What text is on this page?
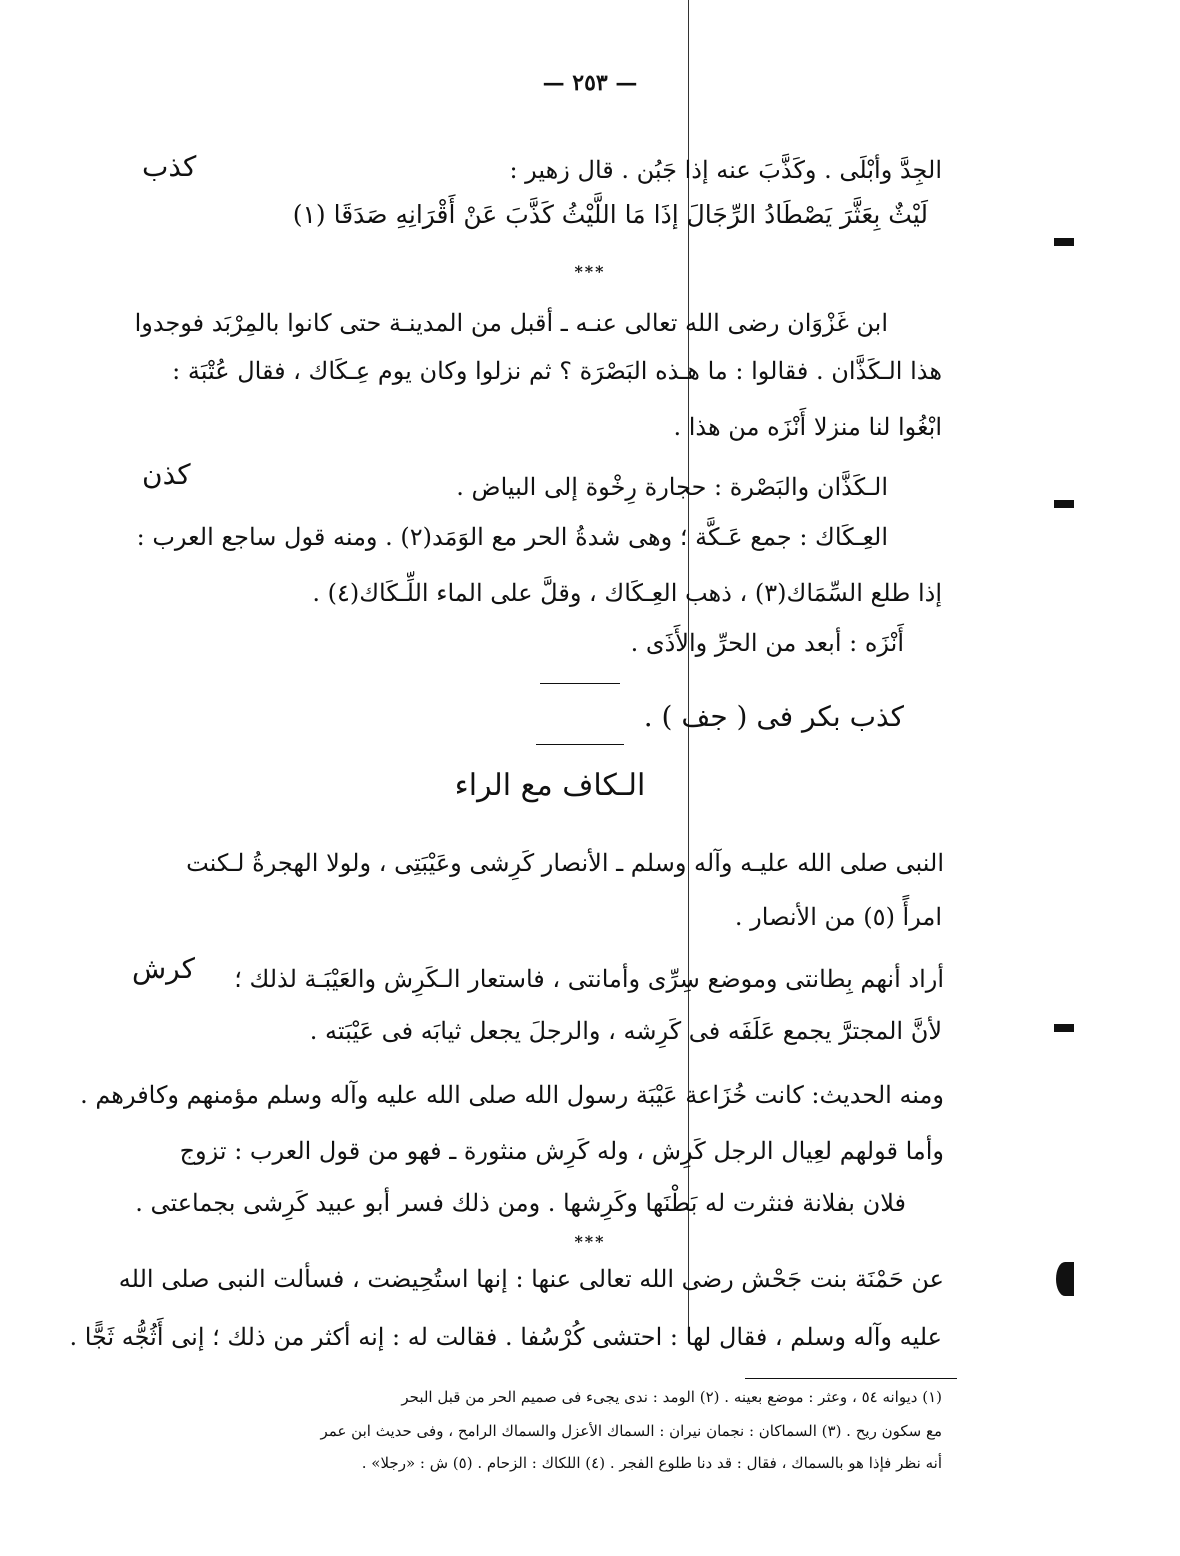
— ٢٥٣ —
كذب
كذن
كرش
الجِدَّ وأبْلَى . وكَذَّبَ عنه إذا جَبُن . قال زهير :
لَيْثٌ بِعَثَّرَ يَصْطَادُ الرِّجَالَ إذَا مَا اللَّيْثُ كَذَّبَ عَنْ أَقْرَانِهِ صَدَقَا (١)
***
ابن غَزْوَان رضى الله تعالى عنـه ـ أقبل من المدينـة حتى كانوا بالمِرْبَد فوجدوا
هذا الـكَذَّان . فقالوا : ما هـذه البَصْرَة ؟ ثم نزلوا وكان يوم عِـكَاك ، فقال عُتْبَة :
ابْغُوا لنا منزلا أَنْزَه من هذا .
الـكَذَّان والبَصْرة : حجارة رِخْوة إلى البياض .
العِـكَاك : جمع عَـكَّة ؛ وهى شدةُ الحر مع الوَمَد(٢) . ومنه قول ساجع العرب :
إذا طلع السِّمَاك(٣) ، ذهب العِـكَاك ، وقلَّ على الماء اللِّـكَاك(٤) .
أَنْزَه : أبعد من الحرِّ والأَذَى .
كذب بكر فى ( جف ) .
الـكاف مع الراء
النبى صلى الله عليـه وآله وسلم ـ الأنصار كَرِشى وعَيْبَتِى ، ولولا الهجرةُ لـكنت
امرأً (٥) من الأنصار .
أراد أنهم بِطانتى وموضع سِرِّى وأمانتى ، فاستعار الـكَرِش والعَيْبَـة لذلك ؛
لأنَّ المجترَّ يجمع عَلَفَه فى كَرِشه ، والرجلَ يجعل ثيابَه فى عَيْبَته .
ومنه الحديث: كانت خُزَاعة عَيْبَة رسول الله صلى الله عليه وآله وسلم مؤمنهم وكافرهم .
وأما قولهم لعِيال الرجل كَرِش ، وله كَرِش منثورة ـ فهو من قول العرب : تزوج
فلان بفلانة فنثرت له بَطْنَها وكَرِشها . ومن ذلك فسر أبو عبيد كَرِشى بجماعتى .
***
عن حَمْنَة بنت جَحْش رضى الله تعالى عنها : إنها استُحِيضت ، فسألت النبى صلى الله
عليه وآله وسلم ، فقال لها : احتشى كُرْسُفا . فقالت له : إنه أكثر من ذلك ؛ إنى أَثُجُّه ثَجًّا .
(١) ديوانه ٥٤ ، وعثر : موضع بعينه . (٢) الومد : ندى يجىء فى صميم الحر من قبل البحر
مع سكون ريح . (٣) السماكان : نجمان نيران : السماك الأعزل والسماك الرامح ، وفى حديث ابن عمر
أنه نظر فإذا هو بالسماك ، فقال : قد دنا طلوع الفجر . (٤) اللكاك : الزحام . (٥) ش : «رجلا» .
